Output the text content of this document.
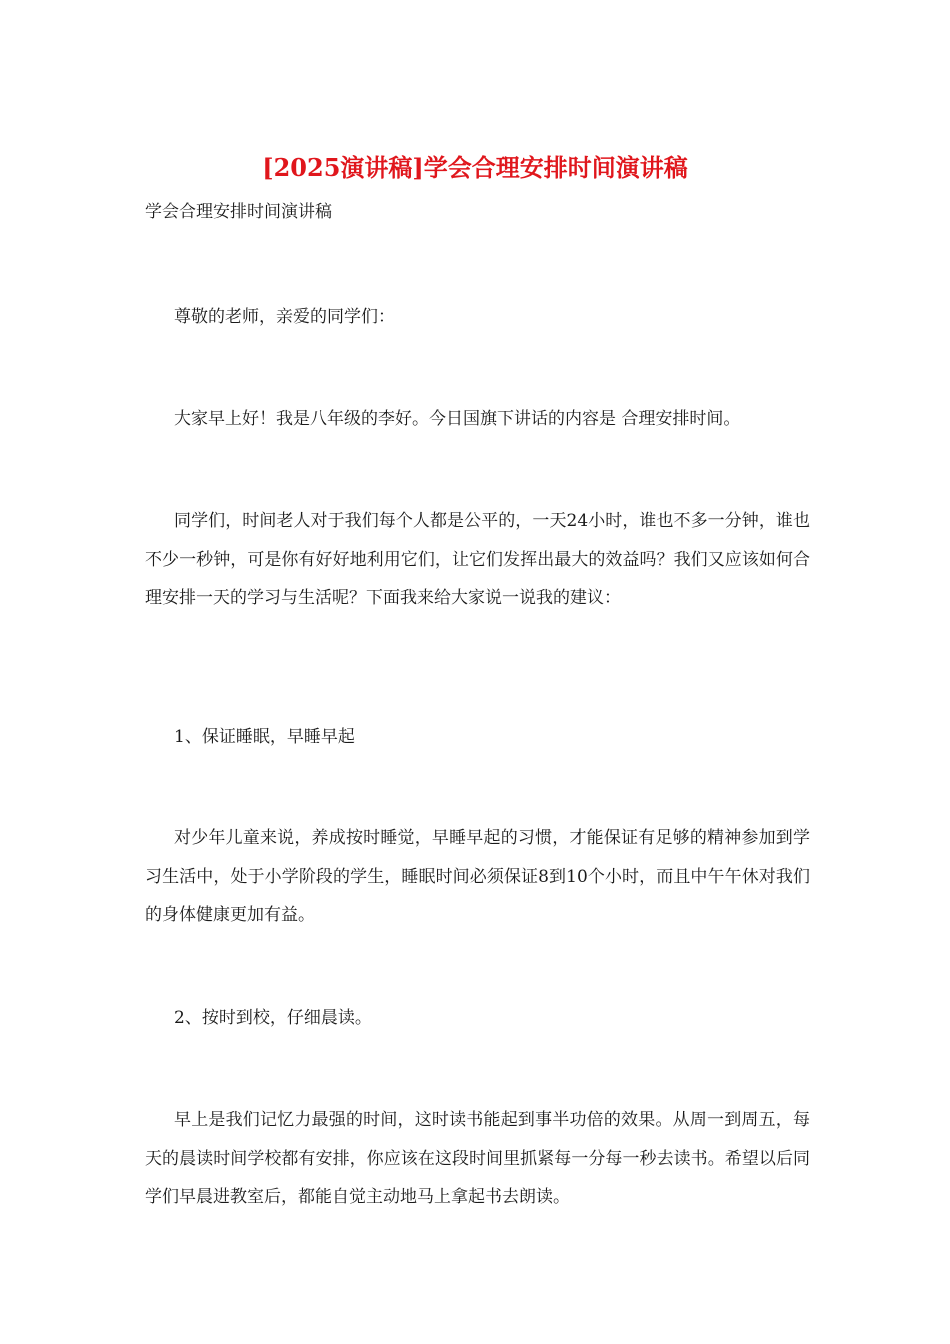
[2025演讲稿]学会合理安排时间演讲稿

学会合理安排时间演讲稿

尊敬的老师，亲爱的同学们：

大家早上好！我是八年级的李好。今日国旗下讲话的内容是 合理安排时间。

同学们，时间老人对于我们每个人都是公平的，一天24小时，谁也不多一分钟，谁也不少一秒钟，可是你有好好地利用它们，让它们发挥出最大的效益吗？我们又应该如何合理安排一天的学习与生活呢？下面我来给大家说一说我的建议：

1、保证睡眠，早睡早起

对少年儿童来说，养成按时睡觉，早睡早起的习惯，才能保证有足够的精神参加到学习生活中，处于小学阶段的学生，睡眠时间必须保证8到10个小时，而且中午午休对我们的身体健康更加有益。

2、按时到校，仔细晨读。

早上是我们记忆力最强的时间，这时读书能起到事半功倍的效果。从周一到周五，每天的晨读时间学校都有安排，你应该在这段时间里抓紧每一分每一秒去读书。希望以后同学们早晨进教室后，都能自觉主动地马上拿起书去朗读。
